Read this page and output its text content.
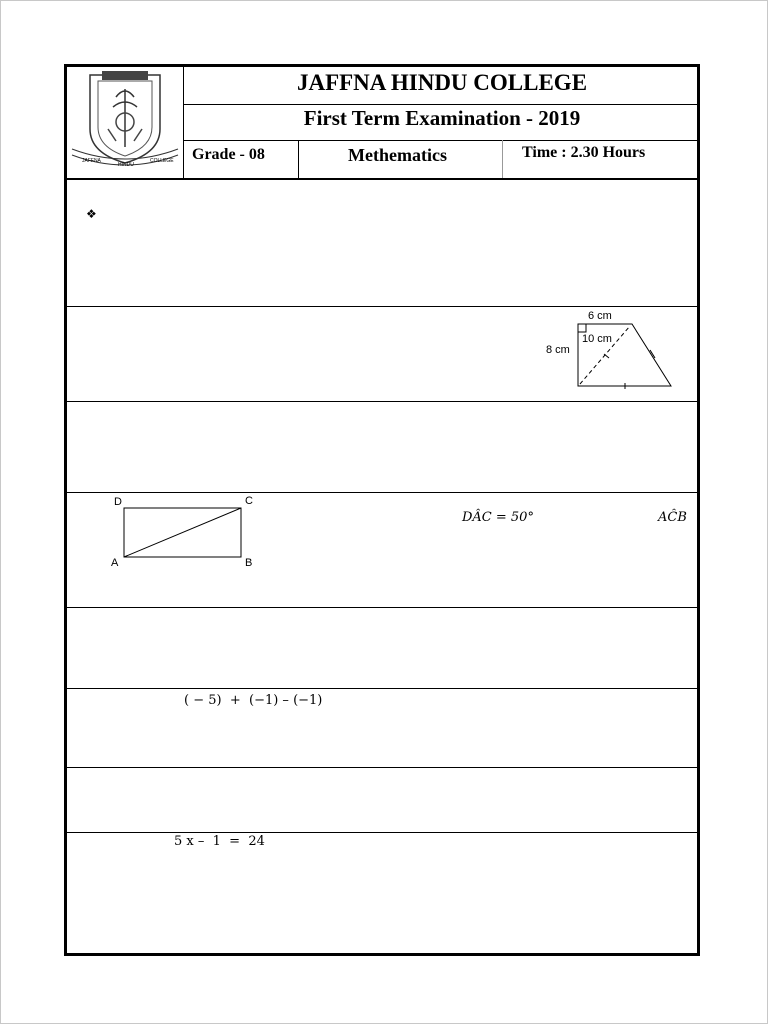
JAFFNA
HINDU
COLLEGE
JAFFNA HINDU COLLEGE
First Term Examination - 2019
Grade - 08	Methematics	Time : 2.30 Hours
❖
6 cm
8 cm
10 cm
D	C
A	B
DÂC = 50°	AĈB
( − 5)  +  (−1) – (−1)
5 x –  1  =  24
